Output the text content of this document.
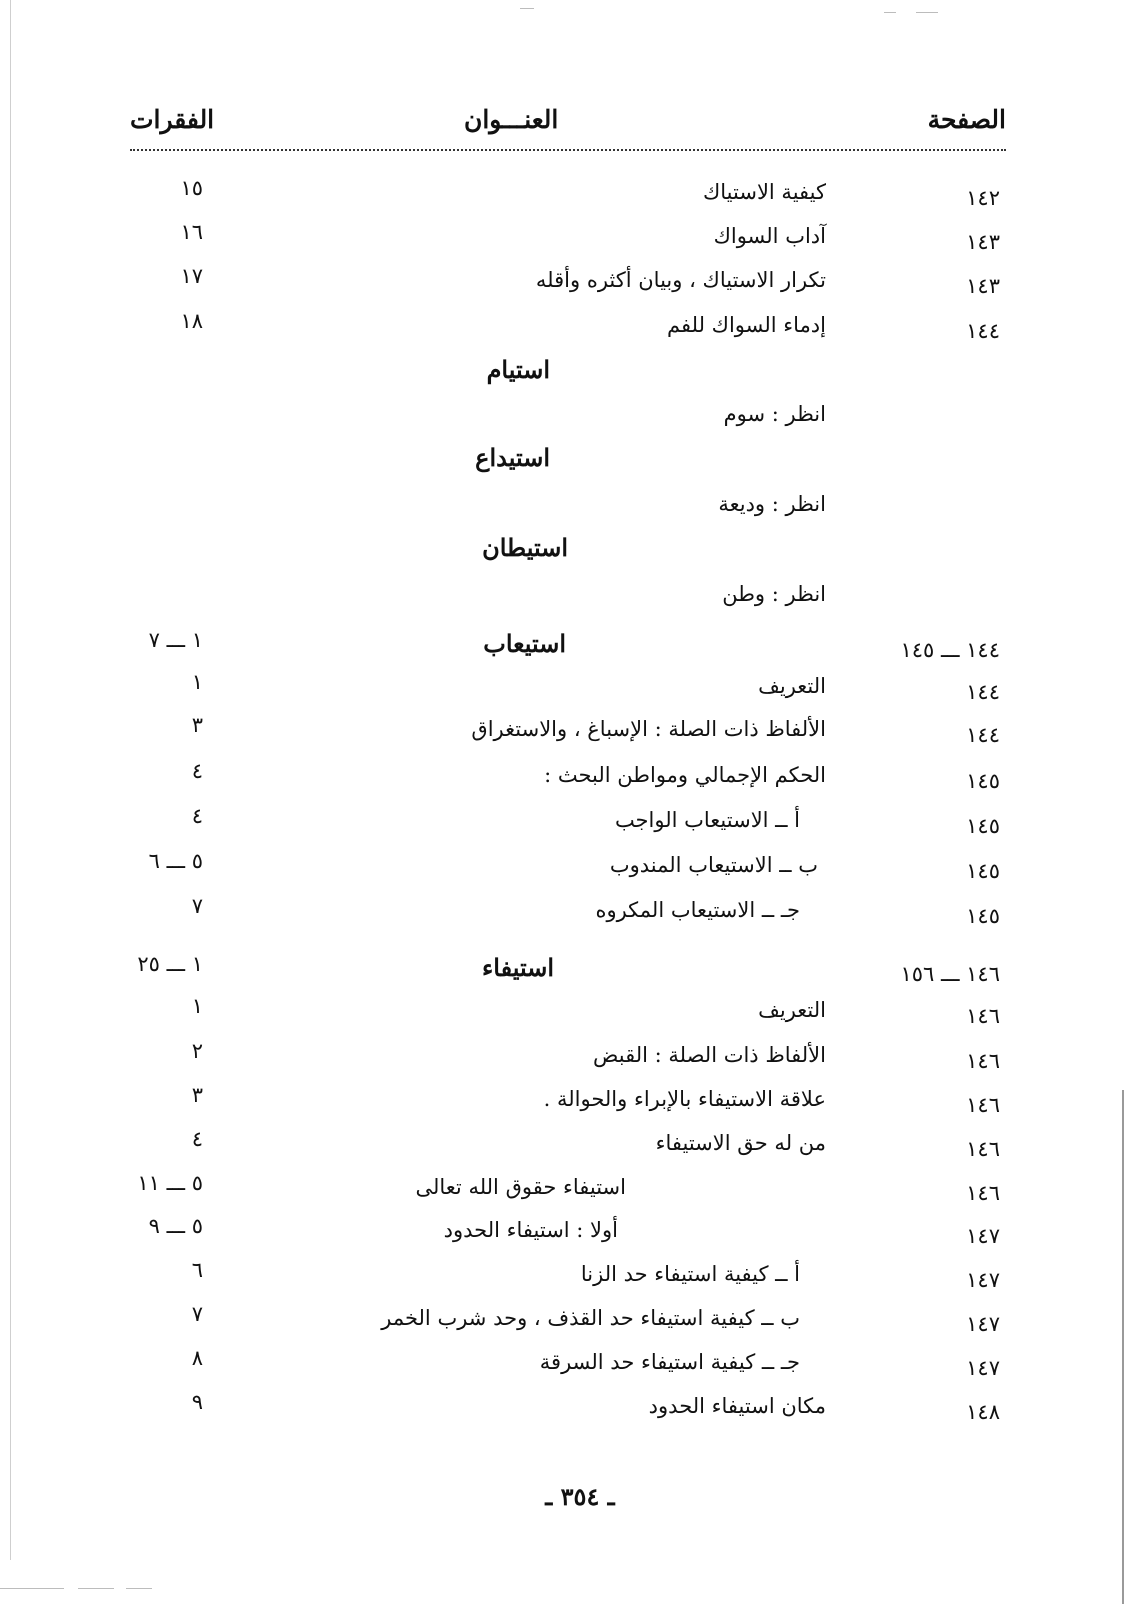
الصفحة
العنـــوان
الفقرات
١٤٢
كيفية الاستياك
١٥
١٤٣
آداب السواك
١٦
١٤٣
تكرار الاستياك ، وبيان أكثره وأقله
١٧
١٤٤
إدماء السواك للفم
١٨
استيام
انظر : سوم
استيداع
انظر : وديعة
استيطان
انظر : وطن
١٤٤ ـــ ١٤٥
استيعاب
١ ـــ ٧
١٤٤
التعريف
١
١٤٤
الألفاظ ذات الصلة : الإسباغ ، والاستغراق
٣
١٤٥
الحكم الإجمالي ومواطن البحث :
٤
١٤٥
أ ــ الاستيعاب الواجب
٤
١٤٥
ب ــ الاستيعاب المندوب
٥ ـــ ٦
١٤٥
جـ ــ الاستيعاب المكروه
٧
١٤٦ ـــ ١٥٦
استيفاء
١ ـــ ٢٥
١٤٦
التعريف
١
١٤٦
الألفاظ ذات الصلة : القبض
٢
١٤٦
علاقة الاستيفاء بالإبراء والحوالة .
٣
١٤٦
من له حق الاستيفاء
٤
١٤٦
استيفاء حقوق الله تعالى
٥ ـــ ١١
١٤٧
أولا : استيفاء الحدود
٥ ـــ ٩
١٤٧
أ ــ كيفية استيفاء حد الزنا
٦
١٤٧
ب ــ كيفية استيفاء حد القذف ، وحد شرب الخمر
٧
١٤٧
جـ ــ كيفية استيفاء حد السرقة
٨
١٤٨
مكان استيفاء الحدود
٩
ـ ٣٥٤ ـ
